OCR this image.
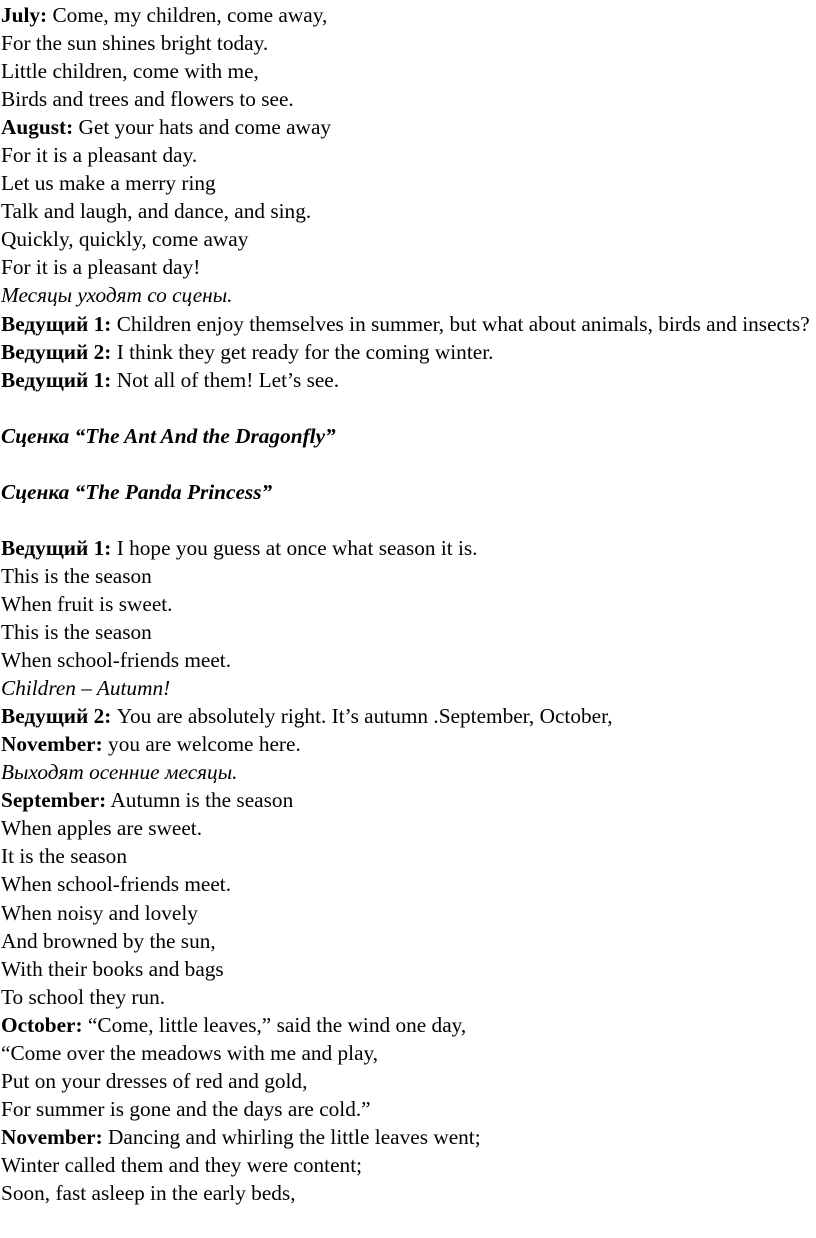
July: Come, my children, come away,
For the sun shines bright today.
Little children, come with me,
Birds and trees and flowers to see.
August: Get your hats and come away
For it is a pleasant day.
Let us make a merry ring
Talk and laugh, and dance, and sing.
Quickly, quickly, come away
For it is a pleasant day!
Месяцы уходят со сцены.
Ведущий 1: Children enjoy themselves in summer, but what about animals, birds and insects?
Ведущий 2: I think they get ready for the coming winter.
Ведущий 1: Not all of them! Let’s see.
Сценка “The Ant And the Dragonfly”
Сценка “The Panda Princess”
Ведущий 1: I hope you guess at once what season it is.
This is the season
When fruit is sweet.
This is the season
When school-friends meet.
Children – Autumn!
Ведущий 2: You are absolutely right. It’s autumn .September, October,
November: you are welcome here.
Выходят осенние месяцы.
September: Autumn is the season
When apples are sweet.
It is the season
When school-friends meet.
When noisy and lovely
And browned by the sun,
With their books and bags
To school they run.
October: “Come, little leaves,” said the wind one day,
“Come over the meadows with me and play,
Put on your dresses of red and gold,
For summer is gone and the days are cold.”
November: Dancing and whirling the little leaves went;
Winter called them and they were content;
Soon, fast asleep in the early beds,
